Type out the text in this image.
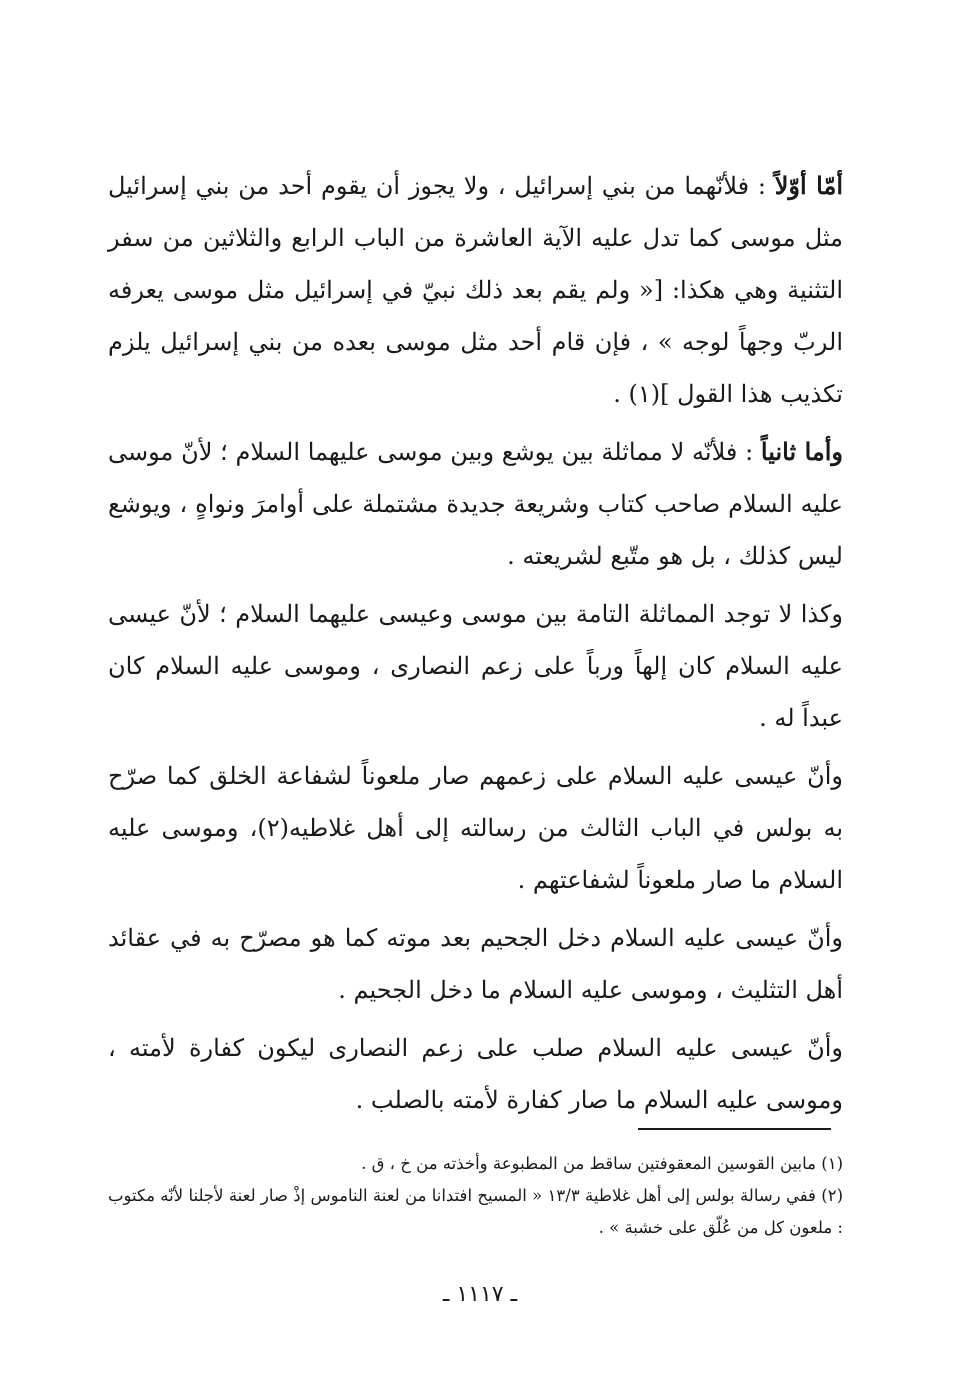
أمّا أوّلاً : فلأنّهما من بني إسرائيل ، ولا يجوز أن يقوم أحد من بني إسرائيل مثل موسى كما تدل عليه الآية العاشرة من الباب الرابع والثلاثين من سفر التثنية وهي هكذا: [« ولم يقم بعد ذلك نبيّ في إسرائيل مثل موسى يعرفه الربّ وجهاً لوجه » ، فإن قام أحد مثل موسى بعده من بني إسرائيل يلزم تكذيب هذا القول ](١) .

وأما ثانياً : فلأنّه لا مماثلة بين يوشع وبين موسى عليهما السلام ؛ لأنّ موسى عليه السلام صاحب كتاب وشريعة جديدة مشتملة على أوامرَ ونواهٍ ، ويوشع ليس كذلك ، بل هو متّبع لشريعته .

وكذا لا توجد المماثلة التامة بين موسى وعيسى عليهما السلام ؛ لأنّ عيسى عليه السلام كان إلهاً ورباً على زعم النصارى ، وموسى عليه السلام كان عبداً له .

وأنّ عيسى عليه السلام على زعمهم صار ملعوناً لشفاعة الخلق كما صرّح به بولس في الباب الثالث من رسالته إلى أهل غلاطيه(٢)، وموسى عليه السلام ما صار ملعوناً لشفاعتهم .

وأنّ عيسى عليه السلام دخل الجحيم بعد موته كما هو مصرّح به في عقائد أهل التثليث ، وموسى عليه السلام ما دخل الجحيم .

وأنّ عيسى عليه السلام صلب على زعم النصارى ليكون كفارة لأمته ، وموسى عليه السلام ما صار كفارة لأمته بالصلب .

(١) مابين القوسين المعقوفتين ساقط من المطبوعة وأخذته من خ ، ق .

(٢) ففي رسالة بولس إلى أهل غلاطية ١٣/٣ « المسيح افتدانا من لعنة الناموس إذْ صار لعنة لأجلنا لأنّه مكتوب : ملعون كل من عُلّق على خشبة » .

ـ ١١١٧ ـ
